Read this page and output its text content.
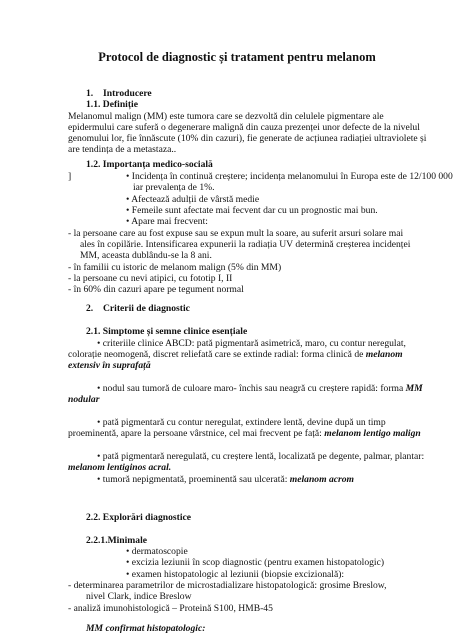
Protocol de diagnostic și tratament pentru melanom
1. Introducere
1.1. Definiție
Melanomul malign (MM) este tumora care se dezvoltă din celulele pigmentare ale
epidermului care suferă o degenerare malignă din cauza prezenței unor defecte de la nivelul
genomului lor, fie înnăscute (10% din cazuri), fie generate de acțiunea radiației ultraviolete și
are tendința de a metastaza..
1.2. Importanța medico-socială
]	• Incidența în continuă creștere; incidența melanomului în Europa este de 12/100 000
iar prevalența de 1%.
• Afectează adulții de vârstă medie
• Femeile sunt afectate mai fecvent dar cu un prognostic mai bun.
• Apare mai frecvent:
- la persoane care au fost expuse sau se expun mult la soare, au suferit arsuri solare mai
ales în copilărie. Intensificarea expunerii la radiația UV determină creșterea incidenței
MM, aceasta dublându-se la 8 ani.
- în familii cu istoric de melanom malign (5% din MM)
- la persoane cu nevi atipici, cu fototip I, II
- în 60% din cazuri apare pe tegument normal
2. Criterii de diagnostic
2.1. Simptome și semne clinice esențiale
• criteriile clinice ABCD: pată pigmentară asimetrică, maro, cu contur neregulat,
colorație neomogenă, discret reliefată care se extinde radial: forma clinică de melanom
extensiv în suprafață
• nodul sau tumoră de culoare maro- închis sau neagră cu creștere rapidă: forma MM
nodular
• pată pigmentară cu contur neregulat, extindere lentă, devine după un timp
proeminentă, apare la persoane vârstnice, cel mai frecvent pe față: melanom lentigo malign
• pată pigmentară neregulată, cu creștere lentă, localizată pe degente, palmar, plantar:
melanom lentiginos acral.
• tumoră nepigmentată, proeminentă sau ulcerată: melanom acrom
2.2. Explorări diagnostice
2.2.1.Minimale
• dermatoscopie
• excizia leziunii în scop diagnostic (pentru examen histopatologic)
• examen histopatologic al leziunii (biopsie excizională):
- determinarea parametrilor de microstadializare histopatologică: grosime Breslow,
nivel Clark, indice Breslow
- analiză imunohistologică – Proteină S100, HMB-45
MM confirmat histopatologic:
